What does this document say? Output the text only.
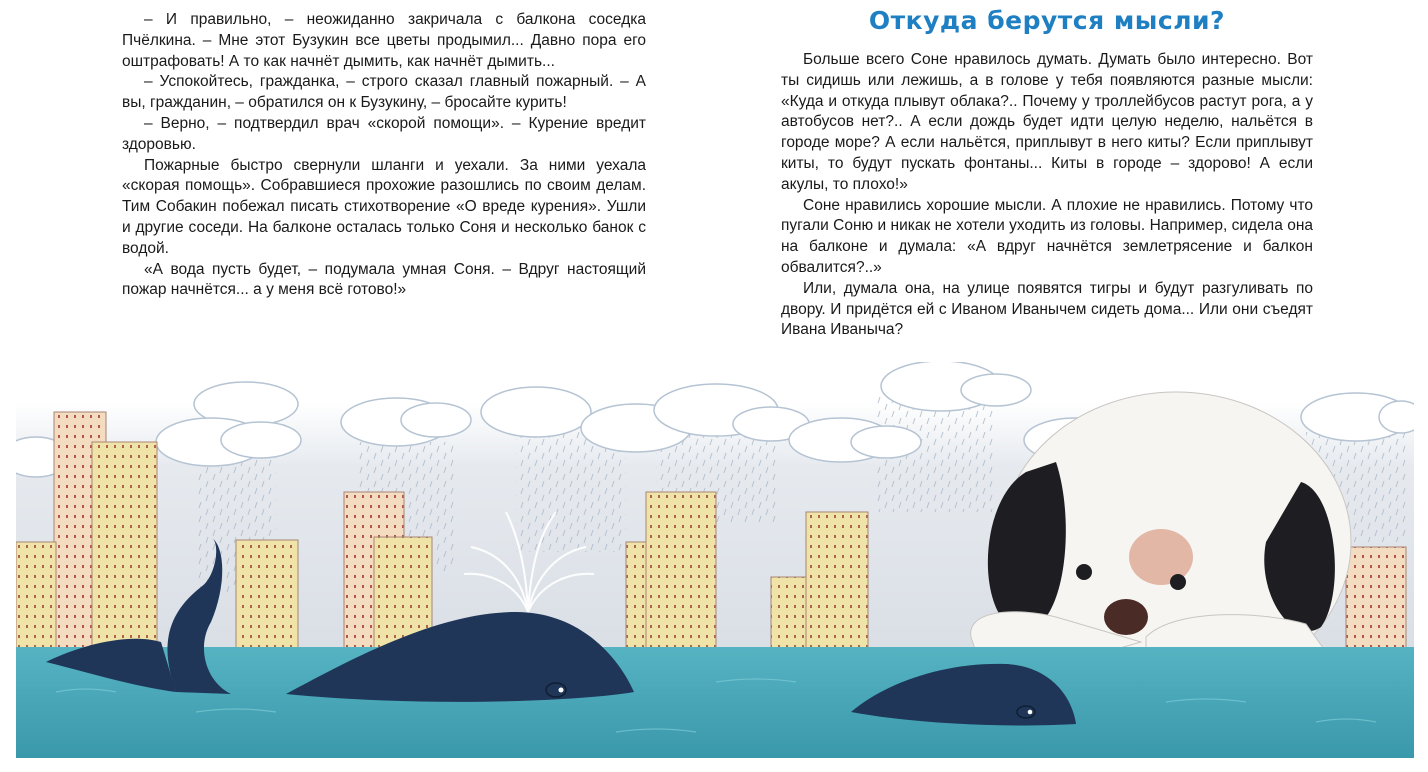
– И правильно, – неожиданно закричала с балкона соседка Пчёлкина. – Мне этот Бузукин все цветы продымил... Давно пора его оштрафовать! А то как начнёт дымить, как начнёт дымить...

– Успокойтесь, гражданка, – строго сказал главный пожарный. – А вы, гражданин, – обратился он к Бузукину, – бросайте курить!

– Верно, – подтвердил врач «скорой помощи». – Курение вредит здоровью.

Пожарные быстро свернули шланги и уехали. За ними уехала «скорая помощь». Собравшиеся прохожие разошлись по своим делам. Тим Собакин побежал писать стихотворение «О вреде курения». Ушли и другие соседи. На балконе осталась только Соня и несколько банок с водой.

«А вода пусть будет, – подумала умная Соня. – Вдруг настоящий пожар начнётся... а у меня всё готово!»

Откуда берутся мысли?

Больше всего Соне нравилось думать. Думать было интересно. Вот ты сидишь или лежишь, а в голове у тебя появляются разные мысли: «Куда и откуда плывут облака?.. Почему у троллейбусов растут рога, а у автобусов нет?.. А если дождь будет идти целую неделю, нальётся в городе море? А если нальётся, приплывут в него киты? Если приплывут киты, то будут пускать фонтаны... Киты в городе – здорово! А если акулы, то плохо!»

Соне нравились хорошие мысли. А плохие не нравились. Потому что пугали Соню и никак не хотели уходить из головы. Например, сидела она на балконе и думала: «А вдруг начнётся землетрясение и балкон обвалится?..»

Или, думала она, на улице появятся тигры и будут разгуливать по двору. И придётся ей с Иваном Иванычем сидеть дома... Или они съедят Ивана Иваныча?
